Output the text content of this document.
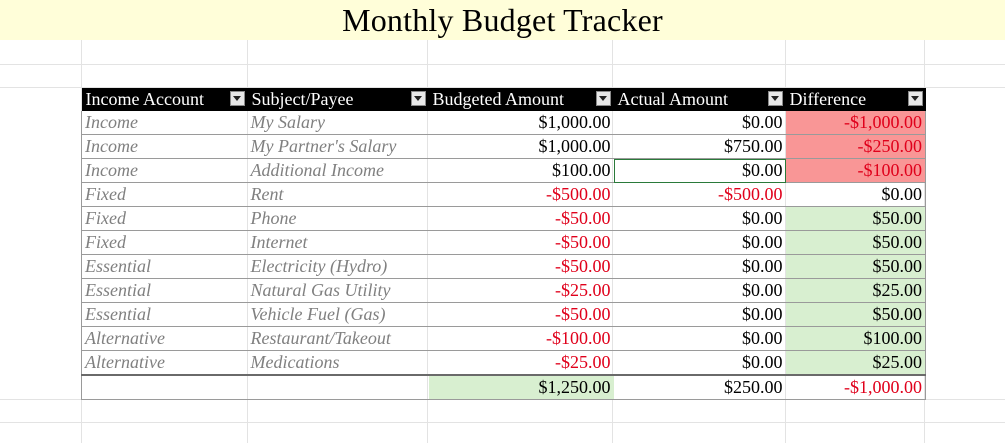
Monthly Budget Tracker
Income Account	Subject/Payee	Budgeted Amount	Actual Amount	Difference

Income	My Salary	$1,000.00	$0.00	-$1,000.00
Income	My Partner's Salary	$1,000.00	$750.00	-$250.00
Income	Additional Income	$100.00	$0.00	-$100.00
Fixed	Rent	-$500.00	-$500.00	$0.00
Fixed	Phone	-$50.00	$0.00	$50.00
Fixed	Internet	-$50.00	$0.00	$50.00
Essential	Electricity (Hydro)	-$50.00	$0.00	$50.00
Essential	Natural Gas Utility	-$25.00	$0.00	$25.00
Essential	Vehicle Fuel (Gas)	-$50.00	$0.00	$50.00
Alternative	Restaurant/Takeout	-$100.00	$0.00	$100.00
Alternative	Medications	-$25.00	$0.00	$25.00
		$1,250.00	$250.00	-$1,000.00
